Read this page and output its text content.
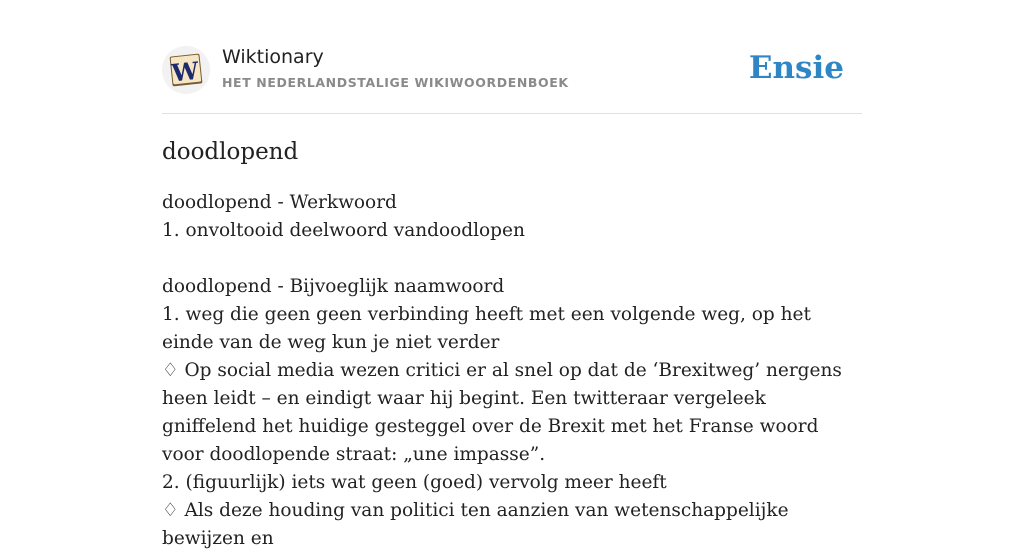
W Wiktionary
HET NEDERLANDSTALIGE WIKIWOORDENBOEK	Ensie
doodlopend
doodlopend - Werkwoord
1. onvoltooid deelwoord vandoodlopen
doodlopend - Bijvoeglijk naamwoord
1. weg die geen geen verbinding heeft met een volgende weg, op het einde van de weg kun je niet verder
♢ Op social media wezen critici er al snel op dat de ‘Brexitweg’ nergens heen leidt – en eindigt waar hij begint. Een twitteraar vergeleek gniffelend het huidige gesteggel over de Brexit met het Franse woord voor doodlopende straat: „une impasse”.
2. (figuurlijk) iets wat geen (goed) vervolg meer heeft
♢ Als deze houding van politici ten aanzien van wetenschappelijke bewijzen en
